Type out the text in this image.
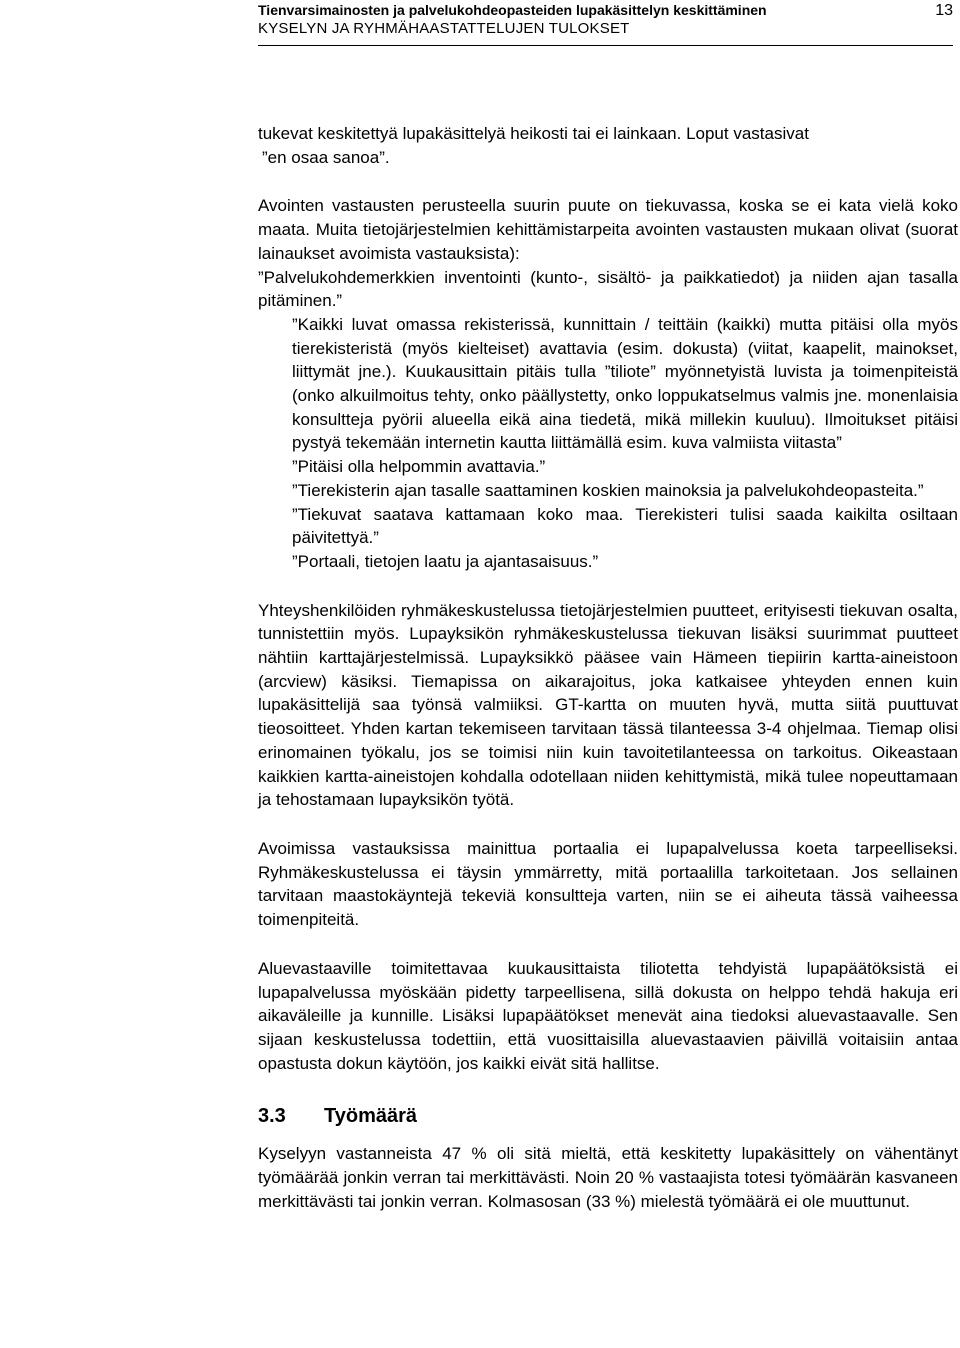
Tienvarsimainosten ja palvelukohdeopasteiden lupakäsittelyn keskittäminen
KYSELYN JA RYHMÄHAASTATTELUJEN TULOKSET
13
tukevat keskitettyä lupakäsittelyä heikosti tai ei lainkaan. Loput vastasivat
”en osaa sanoa”.
Avointen vastausten perusteella suurin puute on tiekuvassa, koska se ei kata vielä koko maata. Muita tietojärjestelmien kehittämistarpeita avointen vastausten mukaan olivat (suorat lainaukset avoimista vastauksista):
”Palvelukohdemerkkien inventointi (kunto-, sisältö- ja paikkatiedot) ja niiden ajan tasalla pitäminen.”
”Kaikki luvat omassa rekisterissä, kunnittain / teittäin (kaikki) mutta pitäisi olla myös tierekisteristä (myös kielteiset) avattavia (esim. dokusta) (viitat, kaapelit, mainokset, liittymät jne.). Kuukausittain pitäis tulla ”tiliote” myönnetyistä luvista ja toimenpiteistä (onko alkuilmoitus tehty, onko päällystetty, onko loppukatselmus valmis jne. monenlaisia konsultteja pyörii alueella eikä aina tiedetä, mikä millekin kuuluu). Ilmoitukset pitäisi pystyä tekemään internetin kautta liittämällä esim. kuva valmiista viitasta”
”Pitäisi olla helpommin avattavia.”
”Tierekisterin ajan tasalle saattaminen koskien mainoksia ja palvelukohdeopasteita.”
”Tiekuvat saatava kattamaan koko maa. Tierekisteri tulisi saada kaikilta osiltaan päivitettyä.”
”Portaali, tietojen laatu ja ajantasaisuus.”
Yhteyshenkilöiden ryhmäkeskustelussa tietojärjestelmien puutteet, erityisesti tiekuvan osalta, tunnistettiin myös. Lupayksikön ryhmäkeskustelussa tiekuvan lisäksi suurimmat puutteet nähtiin karttajärjestelmissä. Lupayksikkö pääsee vain Hämeen tiepiirin kartta-aineistoon (arcview) käsiksi. Tiemapissa on aikarajoitus, joka katkaisee yhteyden ennen kuin lupakäsittelijä saa työnsä valmiiksi. GT-kartta on muuten hyvä, mutta siitä puuttuvat tieosoitteet. Yhden kartan tekemiseen tarvitaan tässä tilanteessa 3-4 ohjelmaa. Tiemap olisi erinomainen työkalu, jos se toimisi niin kuin tavoitetilanteessa on tarkoitus. Oikeastaan kaikkien kartta-aineistojen kohdalla odotellaan niiden kehittymistä, mikä tulee nopeuttamaan ja tehostamaan lupayksikön työtä.
Avoimissa vastauksissa mainittua portaalia ei lupapalvelussa koeta tarpeelliseksi. Ryhmäkeskustelussa ei täysin ymmärretty, mitä portaalilla tarkoitetaan. Jos sellainen tarvitaan maastokäyntejä tekeviä konsultteja varten, niin se ei aiheuta tässä vaiheessa toimenpiteitä.
Aluevastaaville toimitettavaa kuukausittaista tiliotetta tehdyistä lupapäätöksistä ei lupapalvelussa myöskään pidetty tarpeellisena, sillä dokusta on helppo tehdä hakuja eri aikaväleille ja kunnille. Lisäksi lupapäätökset menevät aina tiedoksi aluevastaavalle. Sen sijaan keskustelussa todettiin, että vuosittaisilla aluevastaavien päivillä voitaisiin antaa opastusta dokun käytöön, jos kaikki eivät sitä hallitse.
3.3 Työmäärä
Kyselyyn vastanneista 47 % oli sitä mieltä, että keskitetty lupakäsittely on vähentänyt työmäärää jonkin verran tai merkittävästi. Noin 20 % vastaajista totesi työmäärän kasvaneen merkittävästi tai jonkin verran. Kolmasosan (33 %) mielestä työmäärä ei ole muuttunut.
